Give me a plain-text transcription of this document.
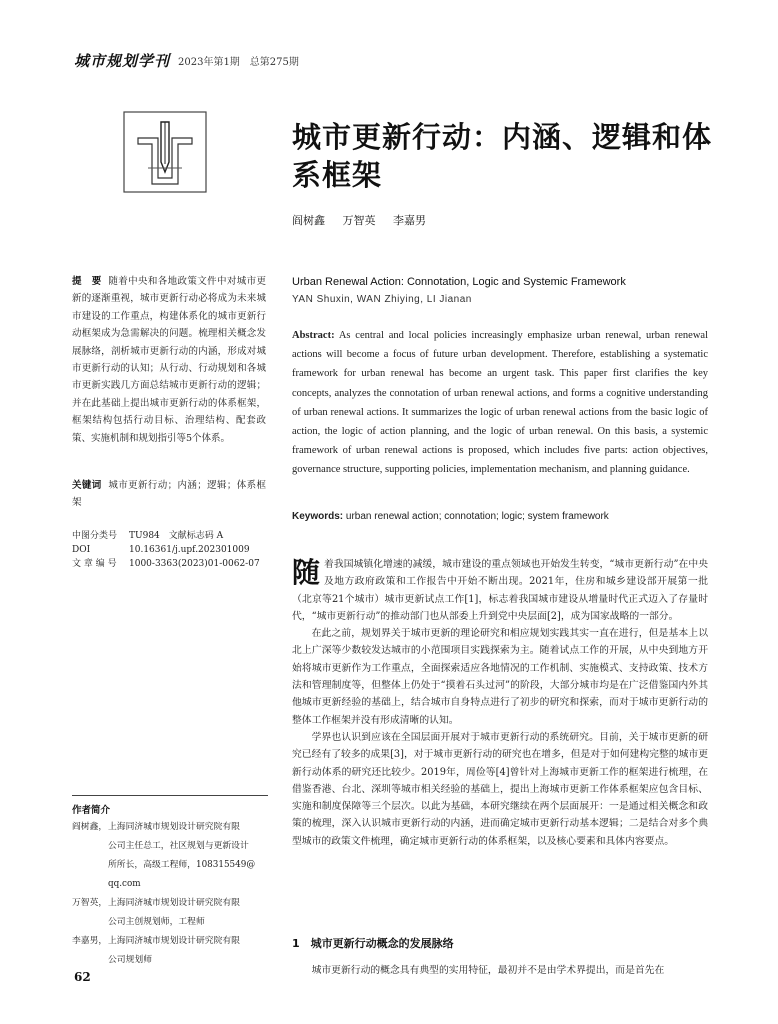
城市规划学刊 2023年第1期　总第275期
城市更新行动：内涵、逻辑和体系框架
阎树鑫 万智英 李嘉男
提　要 随着中央和各地政策文件中对城市更新的逐渐重视，城市更新行动必将成为未来城市建设的工作重点，构建体系化的城市更新行动框架成为急需解决的问题。梳理相关概念发展脉络，剖析城市更新行动的内涵，形成对城市更新行动的认知；从行动、行动规划和各城市更新实践几方面总结城市更新行动的逻辑；并在此基础上提出城市更新行动的体系框架，框架结构包括行动目标、治理结构、配套政策、实施机制和规划指引等5个体系。
关键词 城市更新行动；内涵；逻辑；体系框架
中图分类号	TU984　文献标志码 A
DOI	10.16361/j.upf.202301009
文 章 编 号	1000-3363(2023)01-0062-07
作者简介
阎树鑫， 上海同济城市规划设计研究院有限
公司主任总工，社区规划与更新设计
所所长，高级工程师，108315549@
qq.com
万智英， 上海同济城市规划设计研究院有限
公司主创规划师，工程师
李嘉男， 上海同济城市规划设计研究院有限
公司规划师
Urban Renewal Action: Connotation, Logic and Systemic Framework
YAN Shuxin, WAN Zhiying, LI Jianan
Abstract: As central and local policies increasingly emphasize urban renewal, urban renewal actions will become a focus of future urban development. Therefore, establishing a systematic framework for urban renewal has become an urgent task. This paper first clarifies the key concepts, analyzes the connotation of urban renewal actions, and forms a cognitive understanding of urban renewal actions. It summarizes the logic of urban renewal actions from the basic logic of action, the logic of action planning, and the logic of urban renewal. On this basis, a systemic framework of urban renewal actions is proposed, which includes five parts: action objectives, governance structure, supporting policies, implementation mechanism, and planning guidance.
Keywords: urban renewal action; connotation; logic; system framework

随着我国城镇化增速的减缓，城市建设的重点领域也开始发生转变，“城市更新行动”在中央及地方政府政策和工作报告中开始不断出现。2021年，住房和城乡建设部开展第一批（北京等21个城市）城市更新试点工作[1]，标志着我国城市建设从增量时代正式迈入了存量时代，“城市更新行动”的推动部门也从部委上升到党中央层面[2]，成为国家战略的一部分。

在此之前，规划界关于城市更新的理论研究和相应规划实践其实一直在进行，但是基本上以北上广深等少数较发达城市的小范围项目实践探索为主。随着试点工作的开展，从中央到地方开始将城市更新作为工作重点，全面探索适应各地情况的工作机制、实施模式、支持政策、技术方法和管理制度等，但整体上仍处于“摸着石头过河”的阶段，大部分城市均是在广泛借鉴国内外其他城市更新经验的基础上，结合城市自身特点进行了初步的研究和探索，而对于城市更新行动的整体工作框架并没有形成清晰的认知。

学界也认识到应该在全国层面开展对于城市更新行动的系统研究。目前，关于城市更新的研究已经有了较多的成果[3]，对于城市更新行动的研究也在增多，但是对于如何建构完整的城市更新行动体系的研究还比较少。2019年，周俭等[4]曾针对上海城市更新工作的框架进行梳理，在借鉴香港、台北、深圳等城市相关经验的基础上，提出上海城市更新工作体系框架应包含目标、实施和制度保障等三个层次。以此为基础，本研究继续在两个层面展开：一是通过相关概念和政策的梳理，深入认识城市更新行动的内涵，进而确定城市更新行动基本逻辑；二是结合对多个典型城市的政策文件梳理，确定城市更新行动的体系框架，以及核心要素和具体内容要点。

1　城市更新行动概念的发展脉络

城市更新行动的概念具有典型的实用特征，最初并不是由学术界提出，而是首先在

62
